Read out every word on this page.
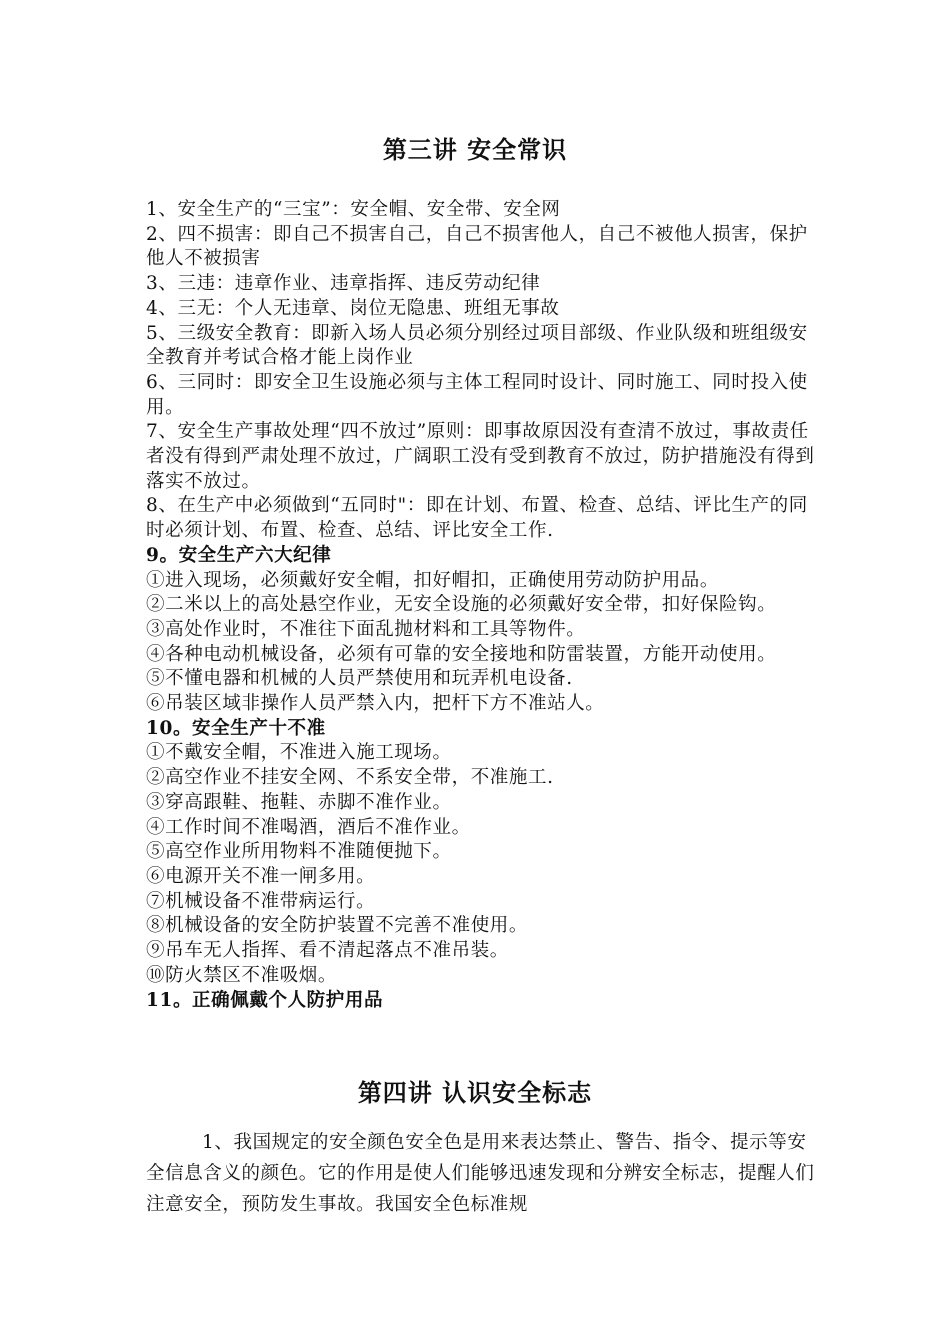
第三讲 安全常识

1、安全生产的“三宝”：安全帽、安全带、安全网

2、四不损害：即自己不损害自己，自己不损害他人，自己不被他人损害，保护他人不被损害

3、三违：违章作业、违章指挥、违反劳动纪律

4、三无：个人无违章、岗位无隐患、班组无事故

5、三级安全教育：即新入场人员必须分别经过项目部级、作业队级和班组级安全教育并考试合格才能上岗作业

6、三同时：即安全卫生设施必须与主体工程同时设计、同时施工、同时投入使用。

7、安全生产事故处理“四不放过”原则：即事故原因没有查清不放过，事故责任者没有得到严肃处理不放过，广阔职工没有受到教育不放过，防护措施没有得到落实不放过。

8、在生产中必须做到“五同时"：即在计划、布置、检查、总结、评比生产的同时必须计划、布置、检查、总结、评比安全工作.

9。安全生产六大纪律

①进入现场，必须戴好安全帽，扣好帽扣，正确使用劳动防护用品。

②二米以上的高处悬空作业，无安全设施的必须戴好安全带，扣好保险钩。

③高处作业时，不准往下面乱抛材料和工具等物件。

④各种电动机械设备，必须有可靠的安全接地和防雷装置，方能开动使用。

⑤不懂电器和机械的人员严禁使用和玩弄机电设备.

⑥吊装区域非操作人员严禁入内，把杆下方不准站人。

10。安全生产十不准

①不戴安全帽，不准进入施工现场。

②高空作业不挂安全网、不系安全带，不准施工.

③穿高跟鞋、拖鞋、赤脚不准作业。

④工作时间不准喝酒，酒后不准作业。

⑤高空作业所用物料不准随便抛下。

⑥电源开关不准一闸多用。

⑦机械设备不准带病运行。

⑧机械设备的安全防护装置不完善不准使用。

⑨吊车无人指挥、看不清起落点不准吊装。

⑩防火禁区不准吸烟。

11。正确佩戴个人防护用品

第四讲 认识安全标志

1、我国规定的安全颜色安全色是用来表达禁止、警告、指令、提示等安全信息含义的颜色。它的作用是使人们能够迅速发现和分辨安全标志，提醒人们注意安全，预防发生事故。我国安全色标准规
